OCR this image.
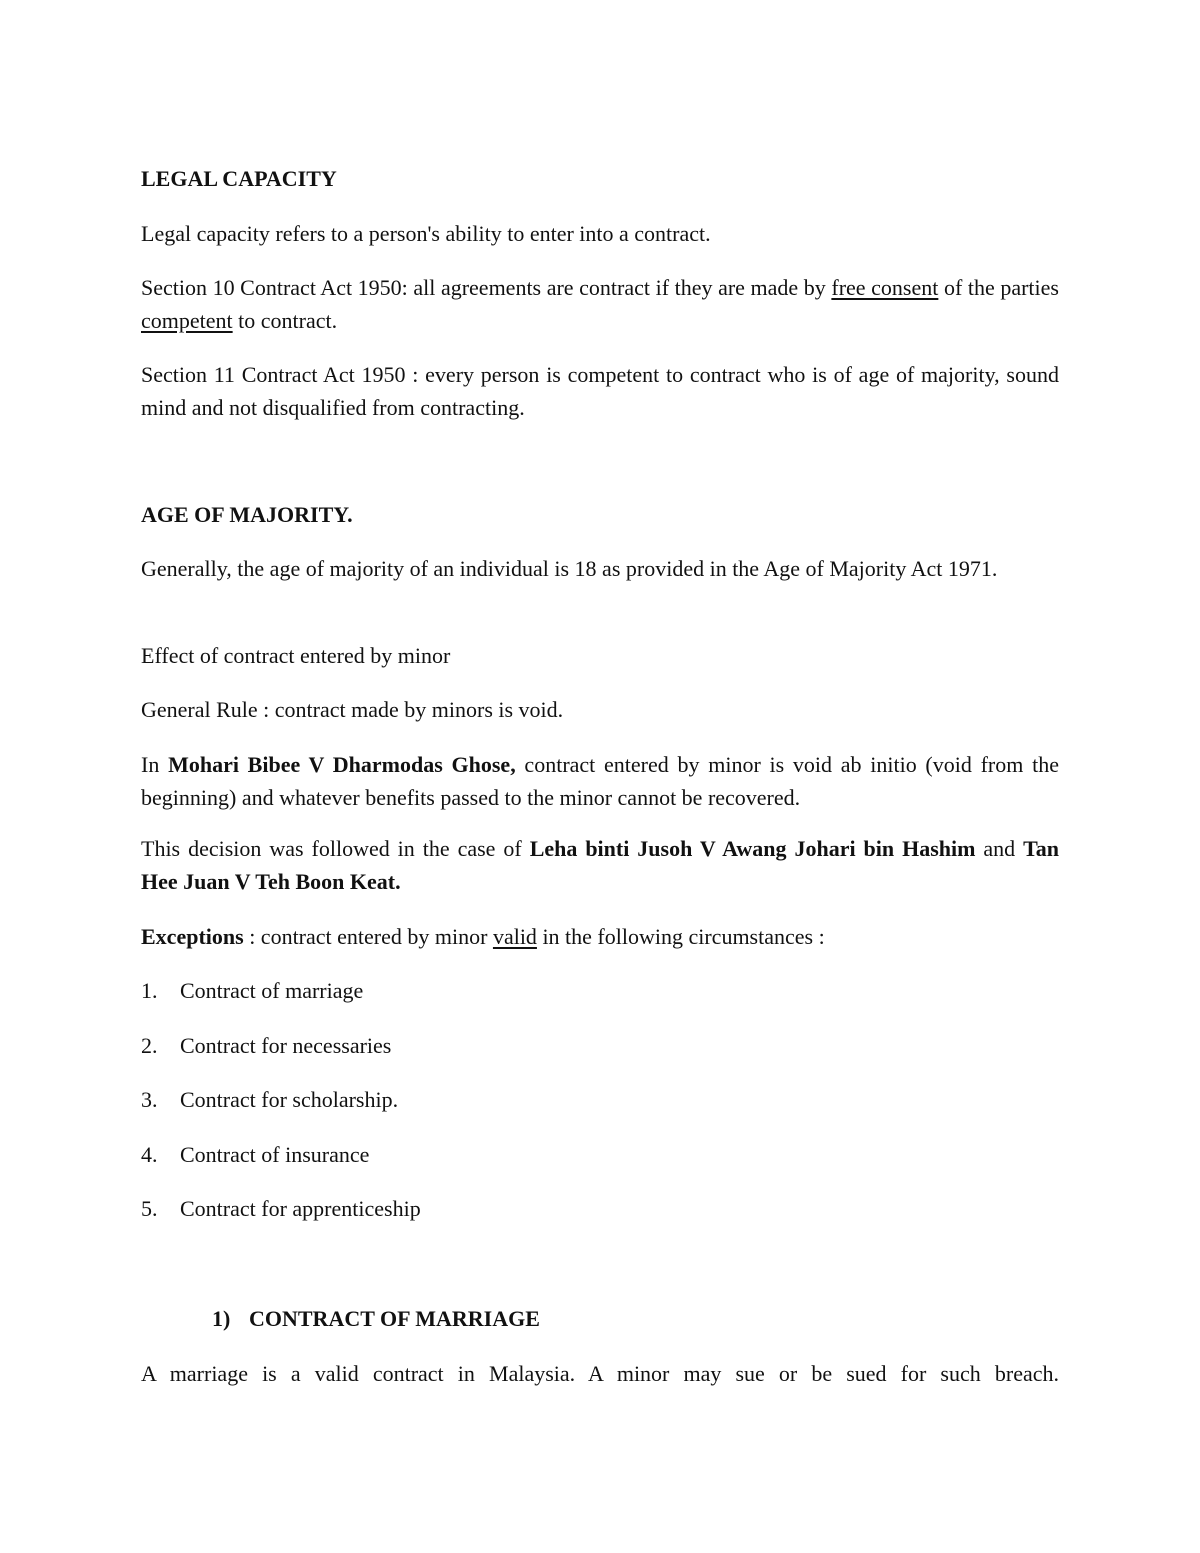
LEGAL CAPACITY

Legal capacity refers to a person's ability to enter into a contract.

Section 10 Contract Act 1950: all agreements are contract if they are made by free consent of the parties competent to contract.

Section 11 Contract Act 1950 : every person is competent to contract who is of age of majority, sound mind and not disqualified from contracting.

AGE OF MAJORITY.

Generally, the age of majority of an individual is 18 as provided in the Age of Majority Act 1971.

Effect of contract entered by minor

General Rule : contract made by minors is void.

In Mohari Bibee V Dharmodas Ghose, contract entered by minor is void ab initio (void from the beginning) and whatever benefits passed to the minor cannot be recovered.

This decision was followed in the case of Leha binti Jusoh V Awang Johari bin Hashim and Tan Hee Juan V Teh Boon Keat.

Exceptions : contract entered by minor valid in the following circumstances :

1. Contract of marriage
2. Contract for necessaries
3. Contract for scholarship.
4. Contract of insurance
5. Contract for apprenticeship
1) CONTRACT OF MARRIAGE

A marriage is a valid contract in Malaysia. A minor may sue or be sued for such breach.
